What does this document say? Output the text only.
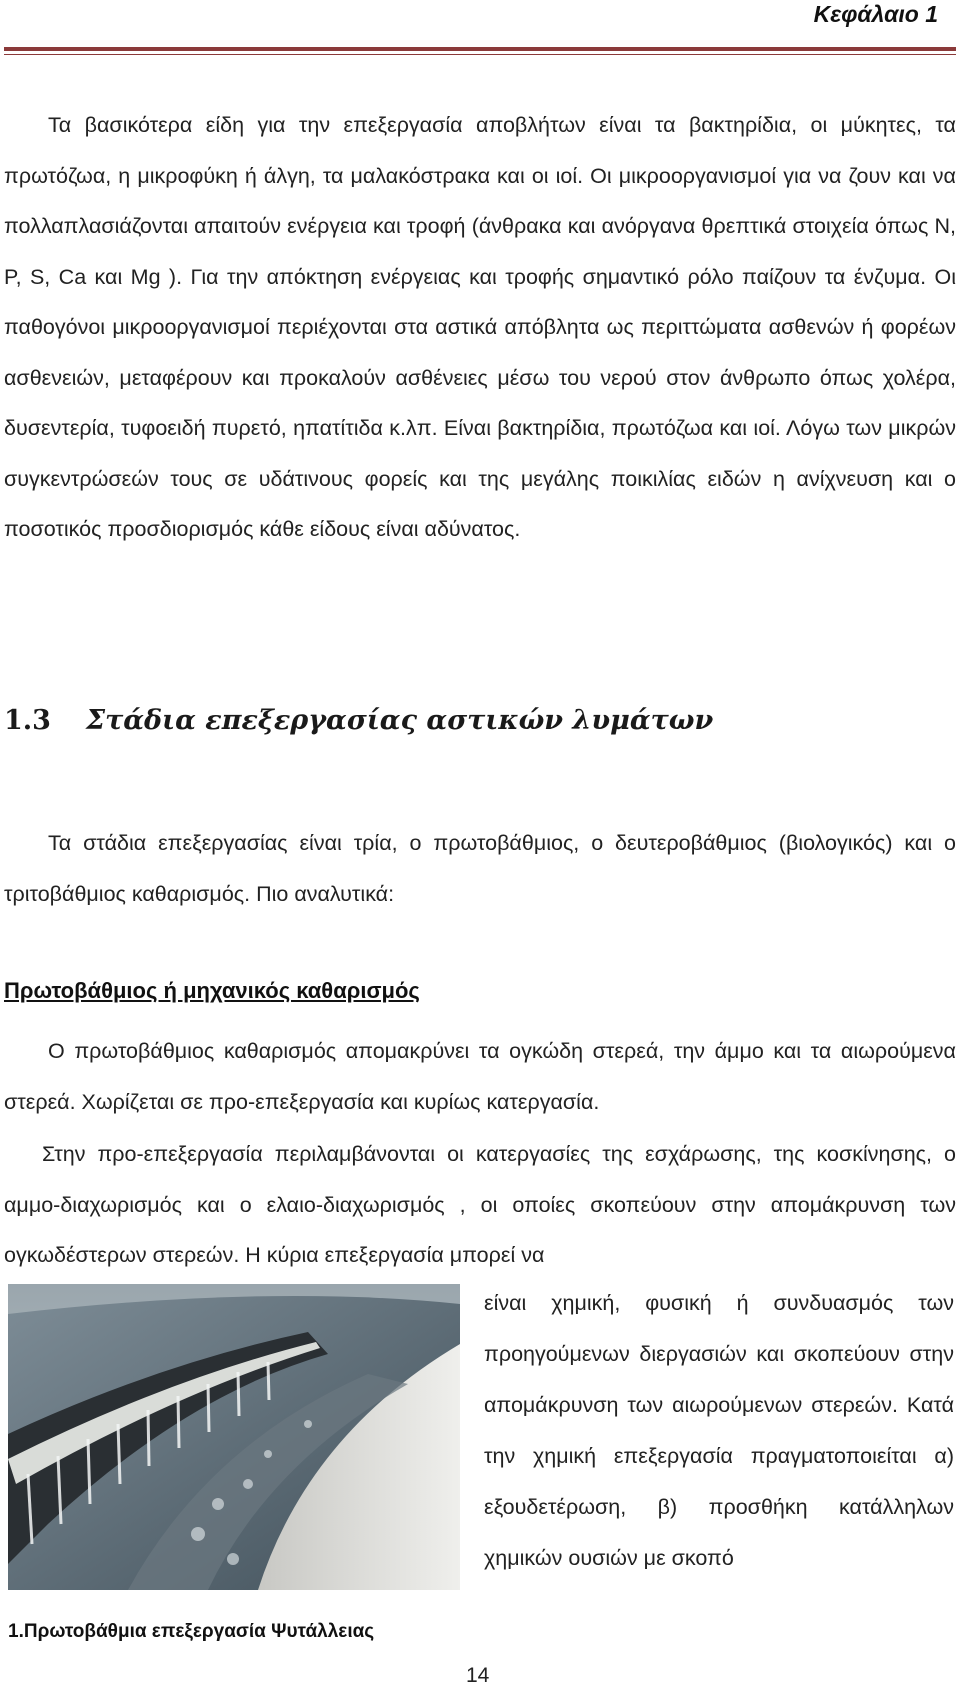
Κεφάλαιο 1
Τα βασικότερα είδη για την επεξεργασία αποβλήτων είναι τα βακτηρίδια, οι μύκητες, τα πρωτόζωα, η μικροφύκη ή άλγη, τα μαλακόστρακα και οι ιοί. Οι μικροοργανισμοί για να ζουν και να πολλαπλασιάζονται απαιτούν ενέργεια και τροφή (άνθρακα και ανόργανα θρεπτικά στοιχεία όπως N, P, S, Ca και Mg ). Για την απόκτηση ενέργειας και τροφής σημαντικό ρόλο παίζουν τα ένζυμα. Οι παθογόνοι μικροοργανισμοί περιέχονται στα αστικά απόβλητα ως περιττώματα ασθενών ή φορέων ασθενειών, μεταφέρουν και προκαλούν ασθένειες μέσω του νερού στον άνθρωπο όπως χολέρα, δυσεντερία, τυφοειδή πυρετό, ηπατίτιδα κ.λπ. Είναι βακτηρίδια, πρωτόζωα και ιοί. Λόγω των μικρών συγκεντρώσεών τους σε υδάτινους φορείς και της μεγάλης ποικιλίας ειδών η ανίχνευση και ο ποσοτικός προσδιορισμός κάθε είδους είναι αδύνατος.
1.3 Στάδια επεξεργασίας αστικών λυμάτων
Τα στάδια επεξεργασίας είναι τρία, ο πρωτοβάθμιος, ο δευτεροβάθμιος (βιολογικός) και ο τριτοβάθμιος καθαρισμός. Πιο αναλυτικά:
Πρωτοβάθμιος ή μηχανικός καθαρισμός
Ο πρωτοβάθμιος καθαρισμός απομακρύνει τα ογκώδη στερεά, την άμμο και τα αιωρούμενα στερεά. Χωρίζεται σε προ-επεξεργασία και κυρίως κατεργασία.
Στην προ-επεξεργασία περιλαμβάνονται οι κατεργασίες της εσχάρωσης, της κοσκίνησης, ο αμμο-διαχωρισμός και ο ελαιο-διαχωρισμός , οι οποίες σκοπεύουν στην απομάκρυνση των ογκωδέστερων στερεών. Η κύρια επεξεργασία μπορεί να
είναι χημική, φυσική ή συνδυασμός των προηγούμενων διεργασιών και σκοπεύουν στην απομάκρυνση των αιωρούμενων στερεών. Κατά την χημική επεξεργασία πραγματοποιείται α) εξουδετέρωση, β) προσθήκη κατάλληλων χημικών ουσιών με σκοπό
1.Πρωτοβάθμια επεξεργασία Ψυτάλλειας
14
